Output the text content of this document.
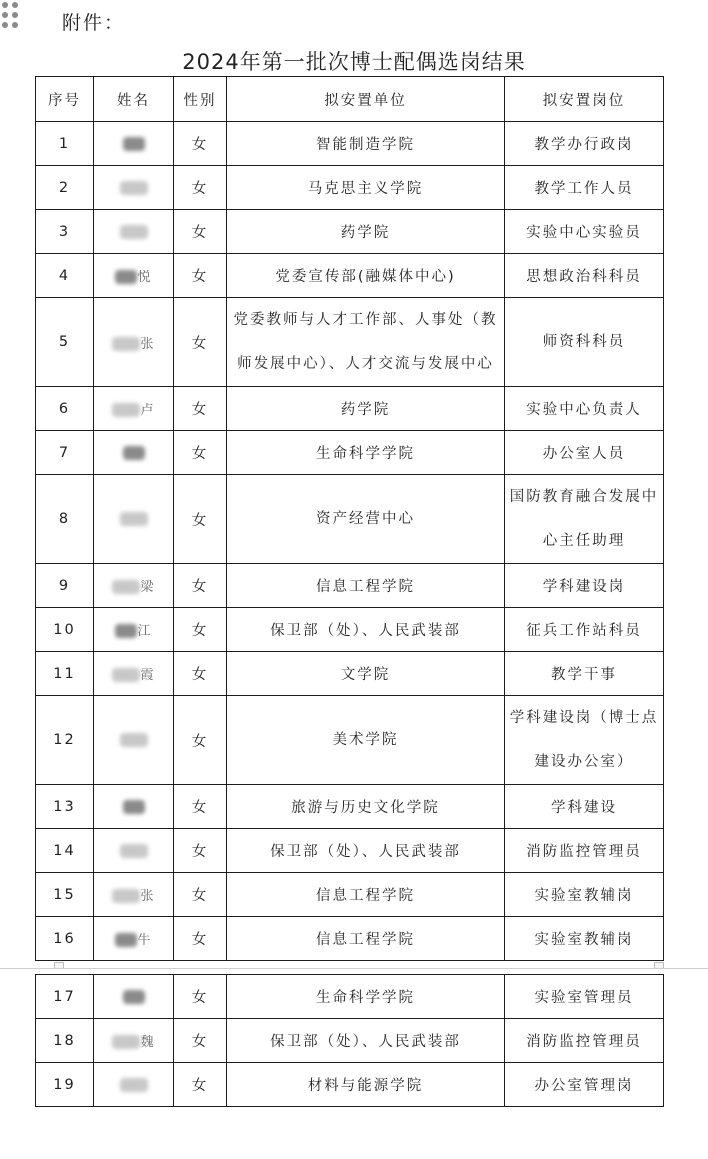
附件：
2024年第一批次博士配偶选岗结果
序号	姓名	性别	拟安置单位	拟安置岗位
1		女	智能制造学院	教学办行政岗
2		女	马克思主义学院	教学工作人员
3		女	药学院	实验中心实验员
4	悦	女	党委宣传部(融媒体中心)	思想政治科科员
5	张	女	党委教师与人才工作部、人事处（教师发展中心）、人才交流与发展中心	师资科科员
6	卢	女	药学院	实验中心负责人
7		女	生命科学学院	办公室人员
8		女	资产经营中心	国防教育融合发展中心主任助理
9	梁	女	信息工程学院	学科建设岗
10	江	女	保卫部（处）、人民武装部	征兵工作站科员
11	霞	女	文学院	教学干事
12		女	美术学院	学科建设岗（博士点建设办公室）
13		女	旅游与历史文化学院	学科建设
14		女	保卫部（处）、人民武装部	消防监控管理员
15	张	女	信息工程学院	实验室教辅岗
16	牛	女	信息工程学院	实验室教辅岗
17		女	生命科学学院	实验室管理员
18	魏	女	保卫部（处）、人民武装部	消防监控管理员
19		女	材料与能源学院	办公室管理岗
